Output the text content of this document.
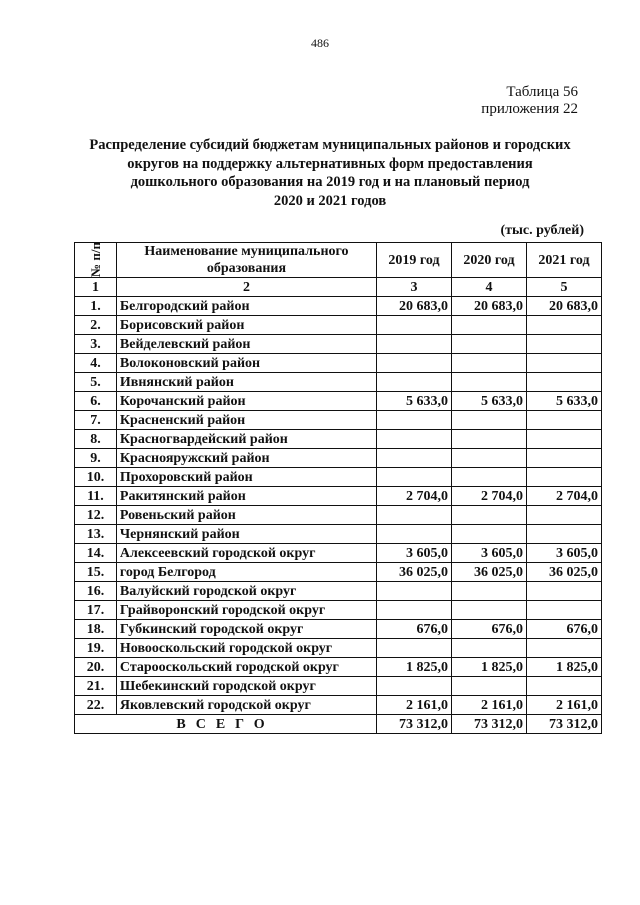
486
Таблица 56
приложения 22
Распределение субсидий бюджетам муниципальных районов и городских
округов на поддержку альтернативных форм предоставления
дошкольного образования на 2019 год и на плановый период
2020 и 2021 годов
(тыс. рублей)
№ п/п	Наименование муниципального образования	2019 год	2020 год	2021 год
1	2	3	4	5
1.	Белгородский район	20 683,0	20 683,0	20 683,0
2.	Борисовский район			
3.	Вейделевский район			
4.	Волоконовский район			
5.	Ивнянский район			
6.	Корочанский район	5 633,0	5 633,0	5 633,0
7.	Красненский район			
8.	Красногвардейский район			
9.	Краснояружский район			
10.	Прохоровский район			
11.	Ракитянский район	2 704,0	2 704,0	2 704,0
12.	Ровеньский район			
13.	Чернянский район			
14.	Алексеевский городской округ	3 605,0	3 605,0	3 605,0
15.	город Белгород	36 025,0	36 025,0	36 025,0
16.	Валуйский городской округ			
17.	Грайворонский городской округ			
18.	Губкинский городской округ	676,0	676,0	676,0
19.	Новооскольский городской округ			
20.	Старооскольский городской округ	1 825,0	1 825,0	1 825,0
21.	Шебекинский городской округ			
22.	Яковлевский городской округ	2 161,0	2 161,0	2 161,0
ВСЕГО		73 312,0	73 312,0	73 312,0
